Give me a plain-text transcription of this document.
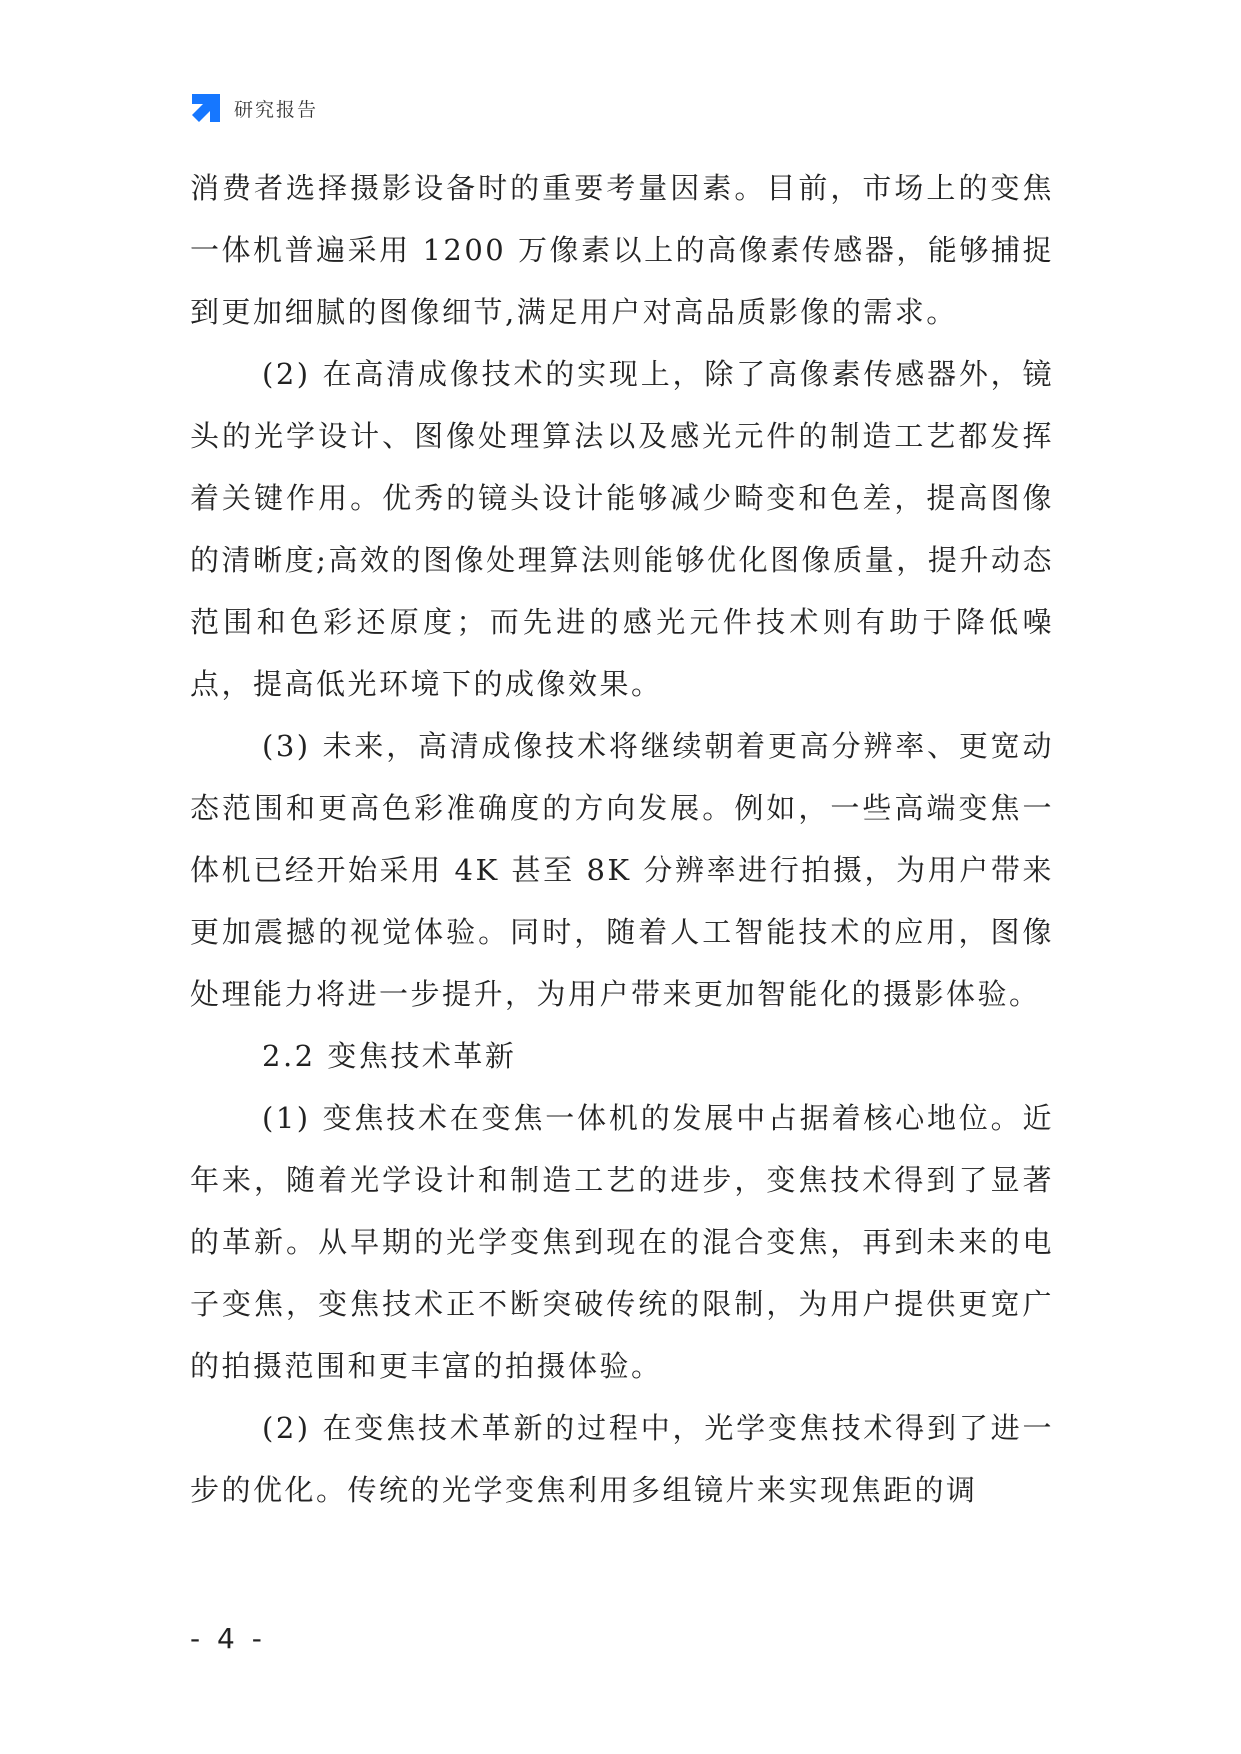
研究报告

消费者选择摄影设备时的重要考量因素。目前，市场上的变焦一体机普遍采用 1200 万像素以上的高像素传感器，能够捕捉到更加细腻的图像细节,满足用户对高品质影像的需求。

(2) 在高清成像技术的实现上，除了高像素传感器外，镜头的光学设计、图像处理算法以及感光元件的制造工艺都发挥着关键作用。优秀的镜头设计能够减少畸变和色差，提高图像的清晰度;高效的图像处理算法则能够优化图像质量，提升动态范围和色彩还原度；而先进的感光元件技术则有助于降低噪点，提高低光环境下的成像效果。

(3) 未来，高清成像技术将继续朝着更高分辨率、更宽动态范围和更高色彩准确度的方向发展。例如，一些高端变焦一体机已经开始采用 4K 甚至 8K 分辨率进行拍摄，为用户带来更加震撼的视觉体验。同时，随着人工智能技术的应用，图像处理能力将进一步提升，为用户带来更加智能化的摄影体验。

2.2 变焦技术革新

(1) 变焦技术在变焦一体机的发展中占据着核心地位。近年来，随着光学设计和制造工艺的进步，变焦技术得到了显著的革新。从早期的光学变焦到现在的混合变焦，再到未来的电子变焦，变焦技术正不断突破传统的限制，为用户提供更宽广的拍摄范围和更丰富的拍摄体验。

(2) 在变焦技术革新的过程中，光学变焦技术得到了进一步的优化。传统的光学变焦利用多组镜片来实现焦距的调

- 4 -
